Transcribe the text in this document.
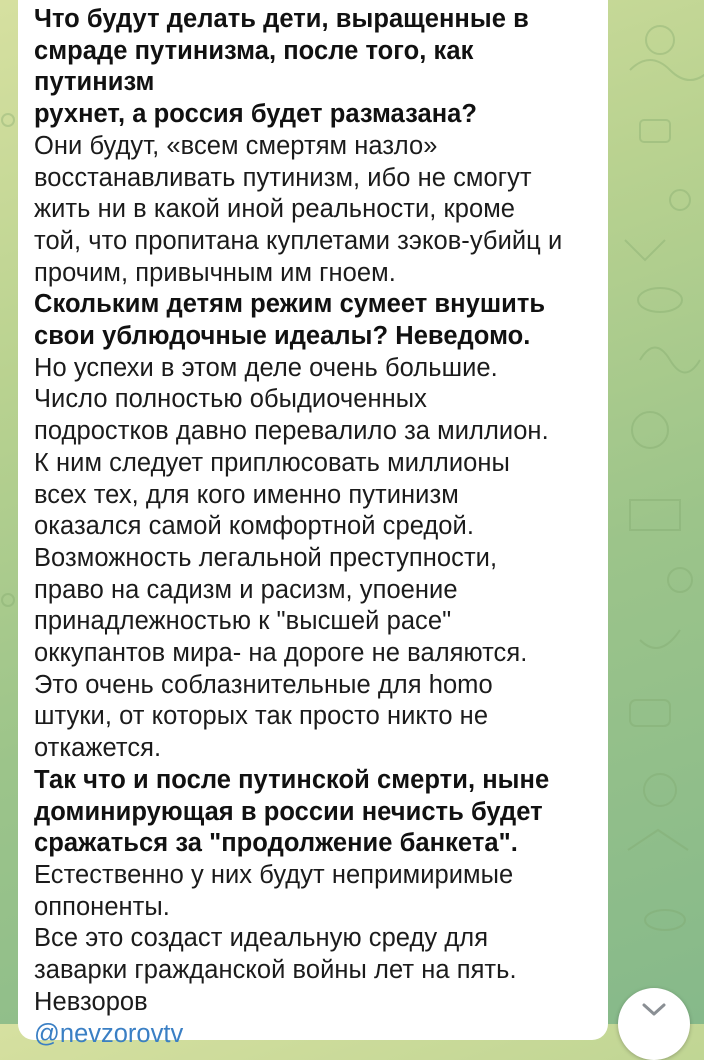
Что будут делать дети, выращенные в
смраде путинизма, после того, как путинизм
рухнет, а россия будет размазана?

Они будут, «всем смертям назло»
восстанавливать путинизм, ибо не смогут
жить ни в какой иной реальности, кроме
той, что пропитана куплетами зэков-убийц и
прочим, привычным им гноем.

Скольким детям режим сумеет внушить
свои ублюдочные идеалы? Неведомо.

Но успехи в этом деле очень большие.
Число полностью обыдиоченных
подростков давно перевалило за миллион.
К ним следует приплюсовать миллионы
всех тех, для кого именно путинизм
оказался самой комфортной средой.
Возможность легальной преступности,
право на садизм и расизм, упоение
принадлежностью к "высшей расе"
оккупантов мира- на дороге не валяются.
Это очень соблазнительные для homo
штуки, от которых так просто никто не
откажется.

Так что и после путинской смерти, ныне
доминирующая в россии нечисть будет
сражаться за "продолжение банкета".

Естественно у них будут непримиримые
оппоненты.
Все это создаст идеальную среду для
заварки гражданской войны лет на пять.
Невзоров

@nevzorovtv
